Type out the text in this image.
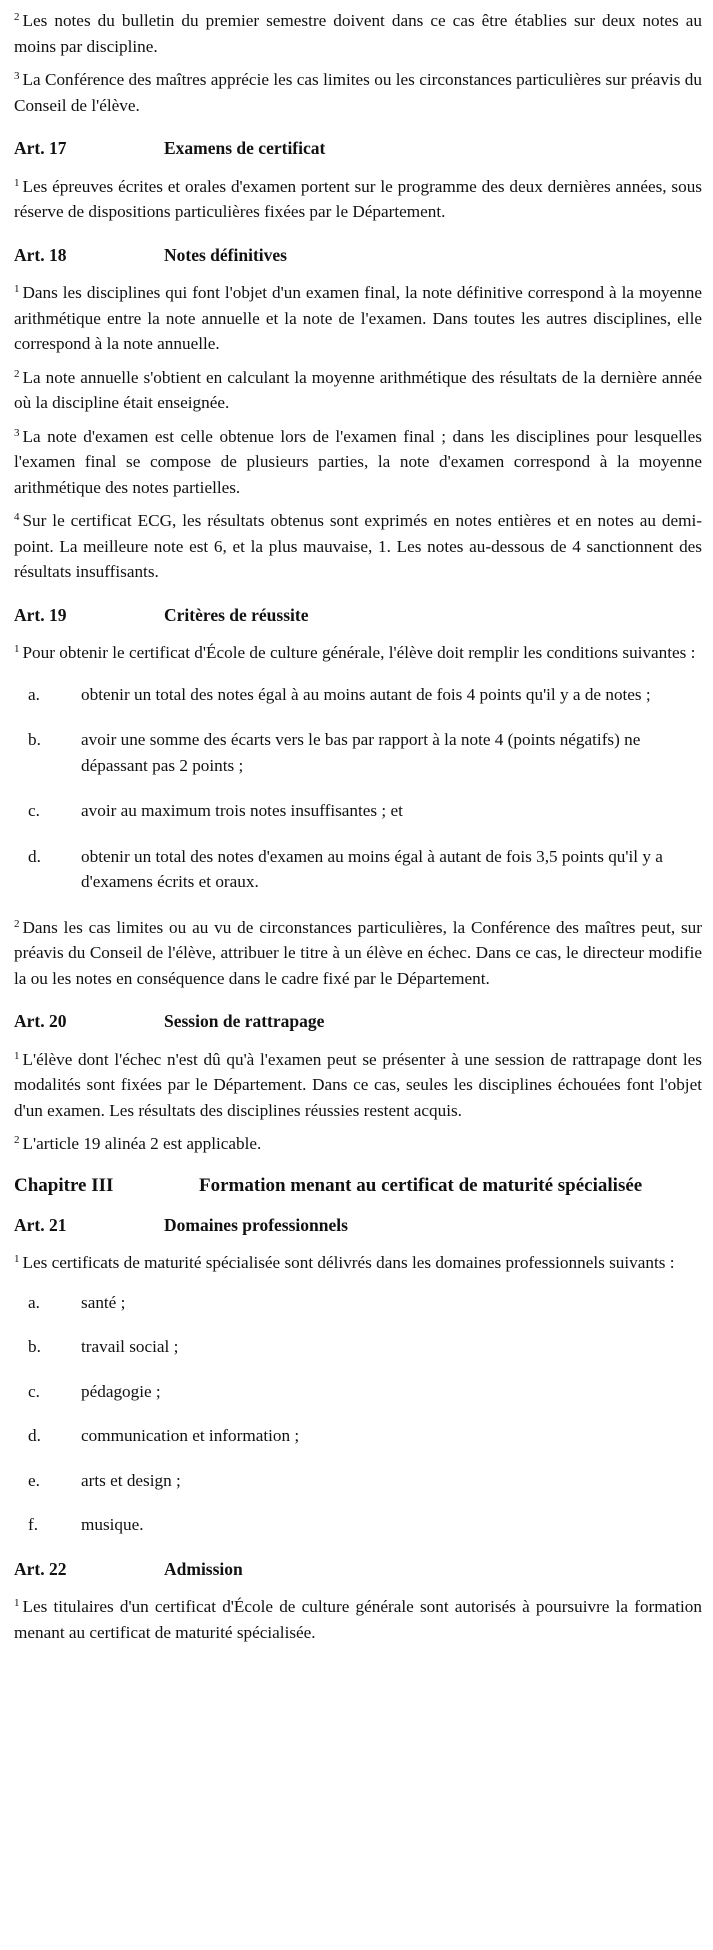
$^2$ Les notes du bulletin du premier semestre doivent dans ce cas être établies sur deux notes au moins par discipline.

$^3$ La Conférence des maîtres apprécie les cas limites ou les circonstances particulières sur préavis du Conseil de l'élève.

Art. 17	Examens de certificat

$^1$ Les épreuves écrites et orales d'examen portent sur le programme des deux dernières années, sous réserve de dispositions particulières fixées par le Département.

Art. 18	Notes définitives

$^1$ Dans les disciplines qui font l'objet d'un examen final, la note définitive correspond à la moyenne arithmétique entre la note annuelle et la note de l'examen. Dans toutes les autres disciplines, elle correspond à la note annuelle.

$^2$ La note annuelle s'obtient en calculant la moyenne arithmétique des résultats de la dernière année où la discipline était enseignée.

$^3$ La note d'examen est celle obtenue lors de l'examen final ; dans les disciplines pour lesquelles l'examen final se compose de plusieurs parties, la note d'examen correspond à la moyenne arithmétique des notes partielles.

$^4$ Sur le certificat ECG, les résultats obtenus sont exprimés en notes entières et en notes au demi-point. La meilleure note est 6, et la plus mauvaise, 1. Les notes au-dessous de 4 sanctionnent des résultats insuffisants.

Art. 19	Critères de réussite

$^1$ Pour obtenir le certificat d'École de culture générale, l'élève doit remplir les conditions suivantes :

a.	obtenir un total des notes égal à au moins autant de fois 4 points qu'il y a de notes ;
b.	avoir une somme des écarts vers le bas par rapport à la note 4 (points négatifs) ne dépassant pas 2 points ;
c.	avoir au maximum trois notes insuffisantes ; et
d.	obtenir un total des notes d'examen au moins égal à autant de fois 3,5 points qu'il y a d'examens écrits et oraux.

$^2$ Dans les cas limites ou au vu de circonstances particulières, la Conférence des maîtres peut, sur préavis du Conseil de l'élève, attribuer le titre à un élève en échec. Dans ce cas, le directeur modifie la ou les notes en conséquence dans le cadre fixé par le Département.

Art. 20	Session de rattrapage

$^1$ L'élève dont l'échec n'est dû qu'à l'examen peut se présenter à une session de rattrapage dont les modalités sont fixées par le Département. Dans ce cas, seules les disciplines échouées font l'objet d'un examen. Les résultats des disciplines réussies restent acquis.

$^2$ L'article 19 alinéa 2 est applicable.

Chapitre III	Formation menant au certificat de maturité spécialisée
Art. 21	Domaines professionnels

$^1$ Les certificats de maturité spécialisée sont délivrés dans les domaines professionnels suivants :

a.	santé ;
b.	travail social ;
c.	pédagogie ;
d.	communication et information ;
e.	arts et design ;
f.	musique.
Art. 22	Admission

$^1$ Les titulaires d'un certificat d'École de culture générale sont autorisés à poursuivre la formation menant au certificat de maturité spécialisée.
